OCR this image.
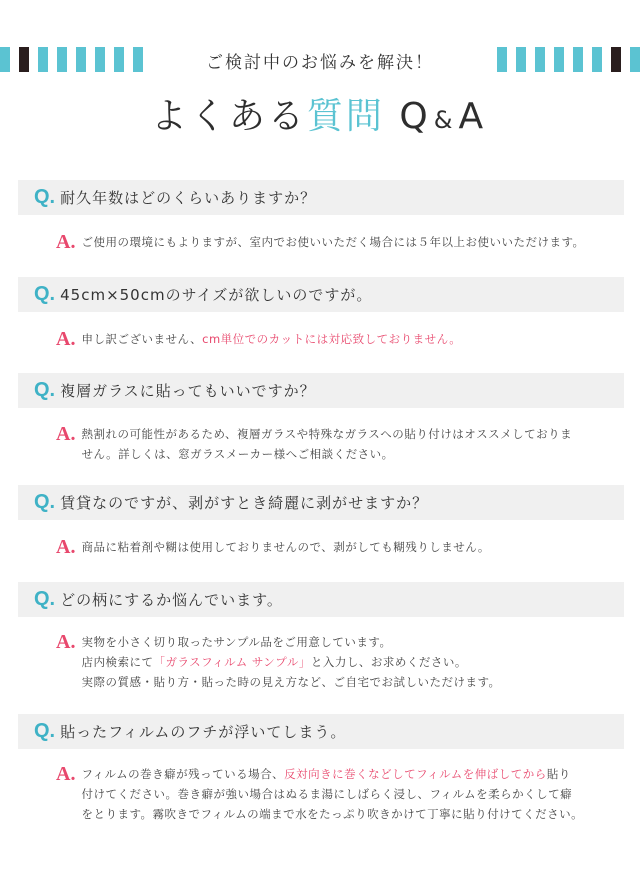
ご検討中のお悩みを解決！
よくある質問 Q&A
Q. 耐久年数はどのくらいありますか？
A. ご使用の環境にもよりますが、室内でお使いいただく場合には５年以上お使いいただけます。
Q. 45cm×50cmのサイズが欲しいのですが。
A. 申し訳ございません、cm単位でのカットには対応致しておりません。
Q. 複層ガラスに貼ってもいいですか？
A. 熱割れの可能性があるため、複層ガラスや特殊なガラスへの貼り付けはオススメしておりま
せん。詳しくは、窓ガラスメーカー様へご相談ください。
Q. 賃貸なのですが、剥がすとき綺麗に剥がせますか？
A. 商品に粘着剤や糊は使用しておりませんので、剥がしても糊残りしません。
Q. どの柄にするか悩んでいます。
A. 実物を小さく切り取ったサンプル品をご用意しています。
店内検索にて「ガラスフィルム サンプル」と入力し、お求めください。
実際の質感・貼り方・貼った時の見え方など、ご自宅でお試しいただけます。
Q. 貼ったフィルムのフチが浮いてしまう。
A. フィルムの巻き癖が残っている場合、反対向きに巻くなどしてフィルムを伸ばしてから貼り
付けてください。巻き癖が強い場合はぬるま湯にしばらく浸し、フィルムを柔らかくして癖
をとります。霧吹きでフィルムの端まで水をたっぷり吹きかけて丁寧に貼り付けてください。
